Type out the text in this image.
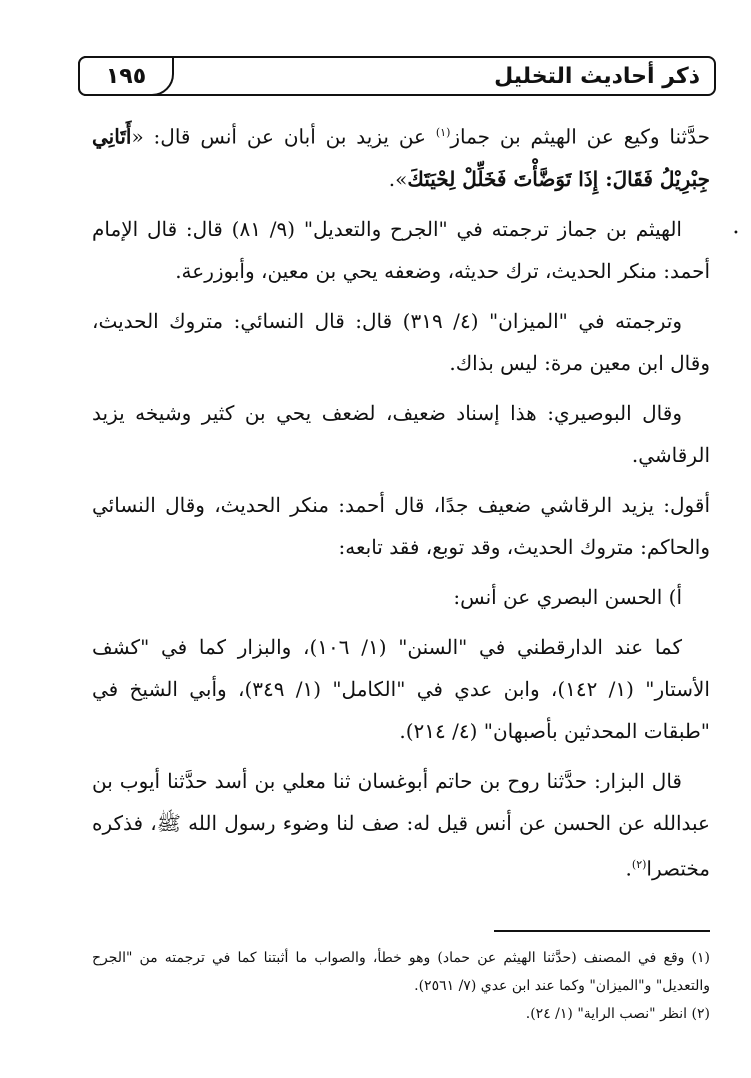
ذكر أحاديث التخليل
١٩٥
•

حدَّثنا وكيع عن الهيثم بن جماز$^{(١)}$ عن يزيد بن أبان عن أنس قال: «أَتَانِي جِبْرِيْلُ فَقَالَ: إِذَا تَوَضَّأْتَ فَخَلِّلْ لِحْيَتَكَ».

الهيثم بن جماز ترجمته في "الجرح والتعديل" (٩/ ٨١) قال: قال الإمام أحمد: منكر الحديث، ترك حديثه، وضعفه يحي بن معين، وأبوزرعة.

وترجمته في "الميزان" (٤/ ٣١٩) قال: قال النسائي: متروك الحديث، وقال ابن معين مرة: ليس بذاك.

وقال البوصيري: هذا إسناد ضعيف، لضعف يحي بن كثير وشيخه يزيد الرقاشي.

أقول: يزيد الرقاشي ضعيف جدًا، قال أحمد: منكر الحديث، وقال النسائي والحاكم: متروك الحديث، وقد توبع، فقد تابعه:

أ) الحسن البصري عن أنس:

كما عند الدارقطني في "السنن" (١/ ١٠٦)، والبزار كما في "كشف الأستار" (١/ ١٤٢)، وابن عدي في "الكامل" (١/ ٣٤٩)، وأبي الشيخ في "طبقات المحدثين بأصبهان" (٤/ ٢١٤).

قال البزار: حدَّثنا روح بن حاتم أبوغسان ثنا معلي بن أسد حدَّثنا أيوب بن عبدالله عن الحسن عن أنس قيل له: صف لنا وضوء رسول الله ﷺ، فذكره مختصرا$^{(٢)}$.

(١) وقع في المصنف (حدَّثنا الهيثم عن حماد) وهو خطأ، والصواب ما أثبتنا كما في ترجمته من "الجرح والتعديل" و"الميزان" وكما عند ابن عدي (٧/ ٢٥٦١).

(٢) انظر "نصب الراية" (١/ ٢٤).
